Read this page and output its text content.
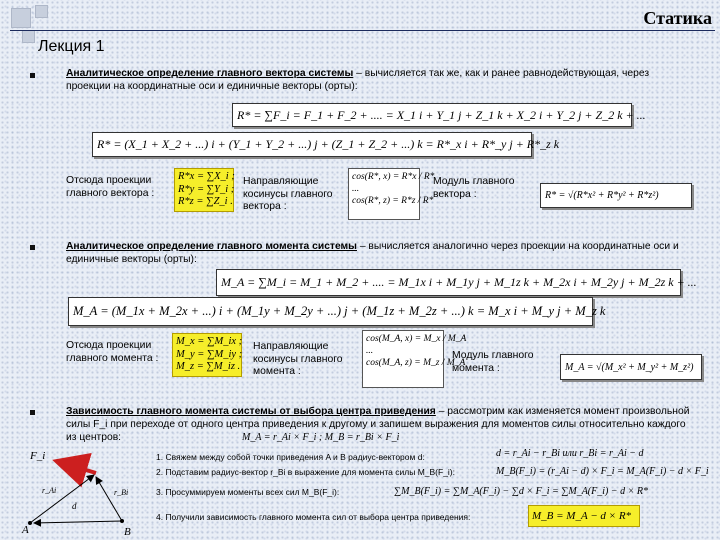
Статика
Лекция 1
Аналитическое определение главного вектора системы – вычисляется так же, как и ранее равнодействующая, через проекции на координатные оси и единичные векторы (орты):
R* = ∑F_i = F_1 + F_2 + .... = X_1 i + Y_1 j + Z_1 k + X_2 i + Y_2 j + Z_2 k + ...
R* = (X_1 + X_2 + ...) i + (Y_1 + Y_2 + ...) j + (Z_1 + Z_2 + ...) k = R*_x i + R*_y j + R*_z k
Отсюда проекции главного вектора :
R*x = ∑X_i ;
R*y = ∑Y_i ;
R*z = ∑Z_i .
Направляющие косинусы главного вектора :
cos(R*, x) = R*x / R*
...
cos(R*, z) = R*z / R*
Модуль главного вектора :	R* = √(R*x² + R*y² + R*z²)
Аналитическое определение главного момента системы – вычисляется аналогично через проекции на координатные оси и единичные векторы (орты):
M_A = ∑M_i = M_1 + M_2 + .... = M_1x i + M_1y j + M_1z k + M_2x i + M_2y j + M_2z k + ...
M_A = (M_1x + M_2x + ...) i + (M_1y + M_2y + ...) j + (M_1z + M_2z + ...) k = M_x i + M_y j + M_z k
Отсюда проекции главного момента :
M_x = ∑M_ix ;
M_y = ∑M_iy ;
M_z = ∑M_iz .
Направляющие косинусы главного момента :
cos(M_A, x) = M_x / M_A
...
cos(M_A, z) = M_z / M_A
Модуль главного момента :	M_A = √(M_x² + M_y² + M_z²)
Зависимость главного момента системы от выбора центра приведения – рассмотрим как изменяется момент произвольной силы F_i при переходе от одного центра приведения к другому и запишем выражения для моментов силы относительно каждого из центров:	M_A = r_Ai × F_i ; M_B = r_Bi × F_i
F_i
r_Ai	r_Bi
d
A	B
1. Свяжем между собой точки приведения A и B радиус-вектором d:
2. Подставим радиус-вектор r_Bi в выражение для момента силы M_B(F_i):
3. Просуммируем моменты всех сил M_B(F_i):
4. Получили зависимость главного момента сил от выбора центра приведения:
d = r_Ai − r_Bi или r_Bi = r_Ai − d
M_B(F_i) = (r_Ai − d) × F_i = M_A(F_i) − d × F_i
∑M_B(F_i) = ∑M_A(F_i) − ∑d × F_i = ∑M_A(F_i) − d × R*
M_B = M_A − d × R*
